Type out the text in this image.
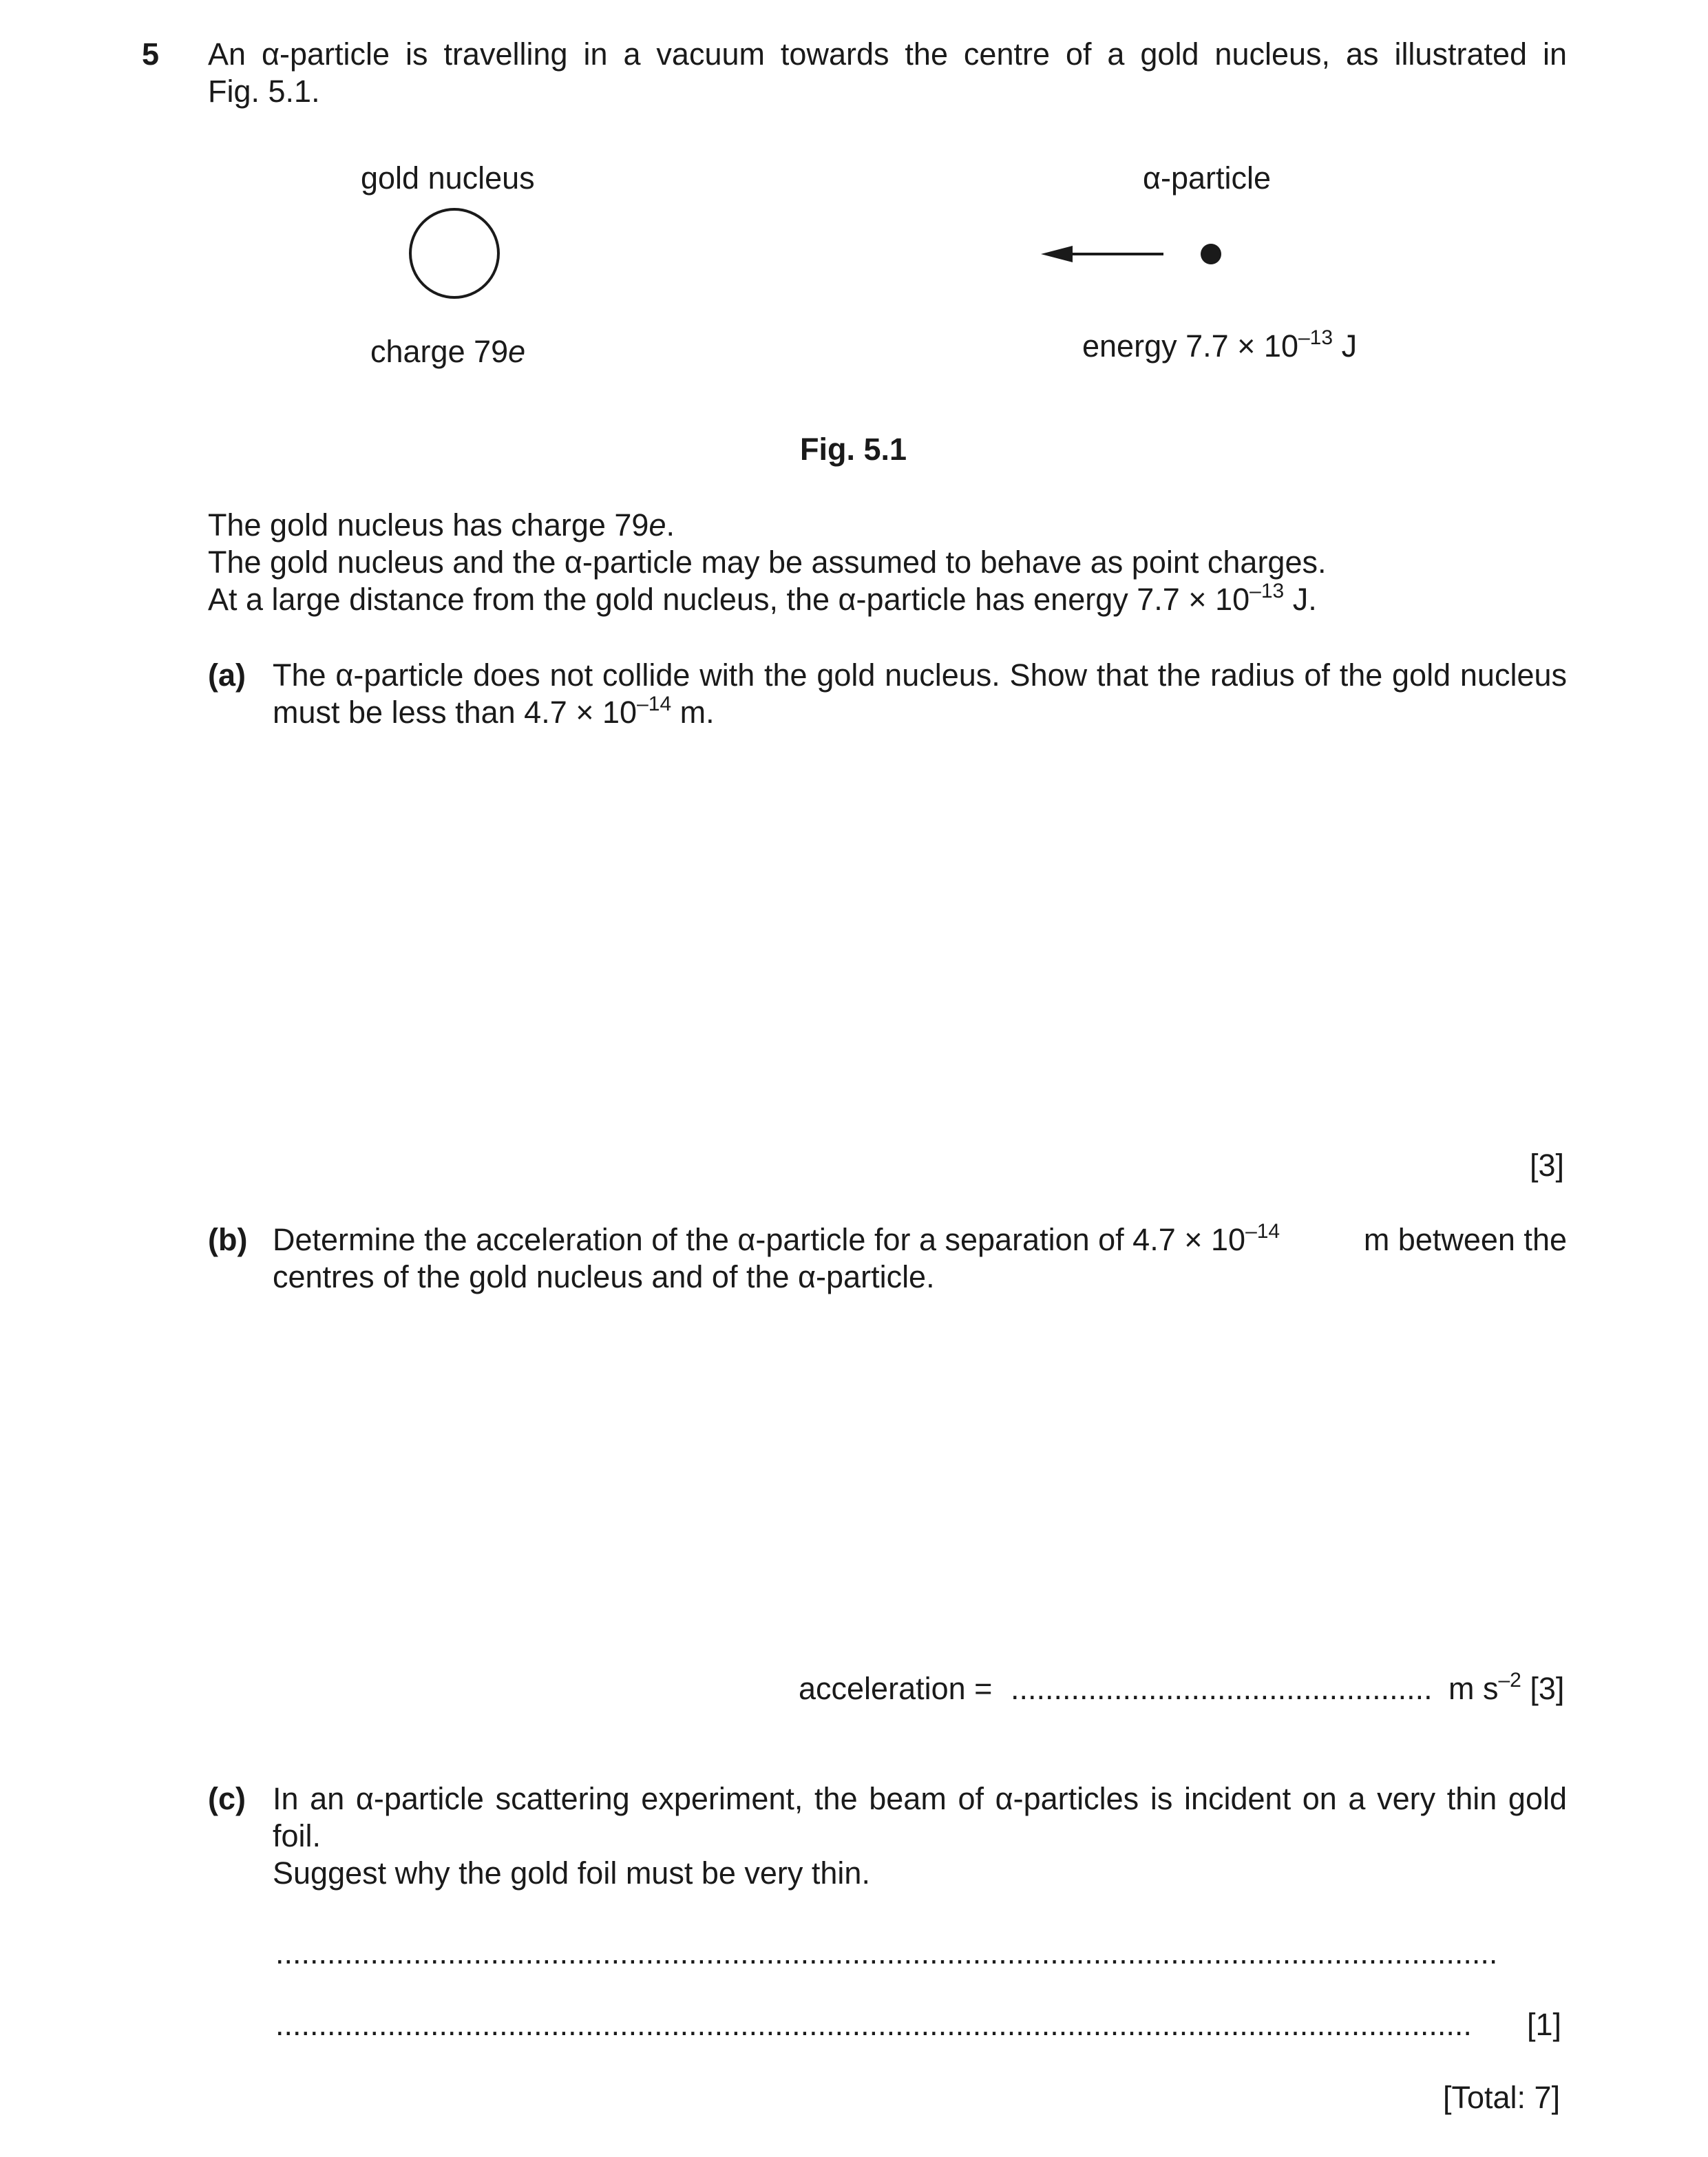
5 An α-particle is travelling in a vacuum towards the centre of a gold nucleus, as illustrated in
Fig. 5.1.
gold nucleus
charge 79e
α-particle
energy $7.7 \times 10^{-13}$ J
Fig. 5.1
The gold nucleus has charge 79e.
The gold nucleus and the α-particle may be assumed to behave as point charges.
At a large distance from the gold nucleus, the α-particle has energy $7.7 \times 10^{-13}$ J.
(a) The α-particle does not collide with the gold nucleus. Show that the radius of the gold nucleus
must be less than $4.7 \times 10^{-14}$ m.
[3]
(b) Determine the acceleration of the α-particle for a separation of $4.7 \times 10^{-14}$	m between the
centres of the gold nucleus and of the α-particle.
acceleration = ................................................. m $s^{-2}$ [3]
(c) In an α-particle scattering experiment, the beam of α-particles is incident on a very thin gold
foil.
Suggest why the gold foil must be very thin.
..............................................................................................................................................
...........................................................................................................................................	[1]
[Total: 7]
